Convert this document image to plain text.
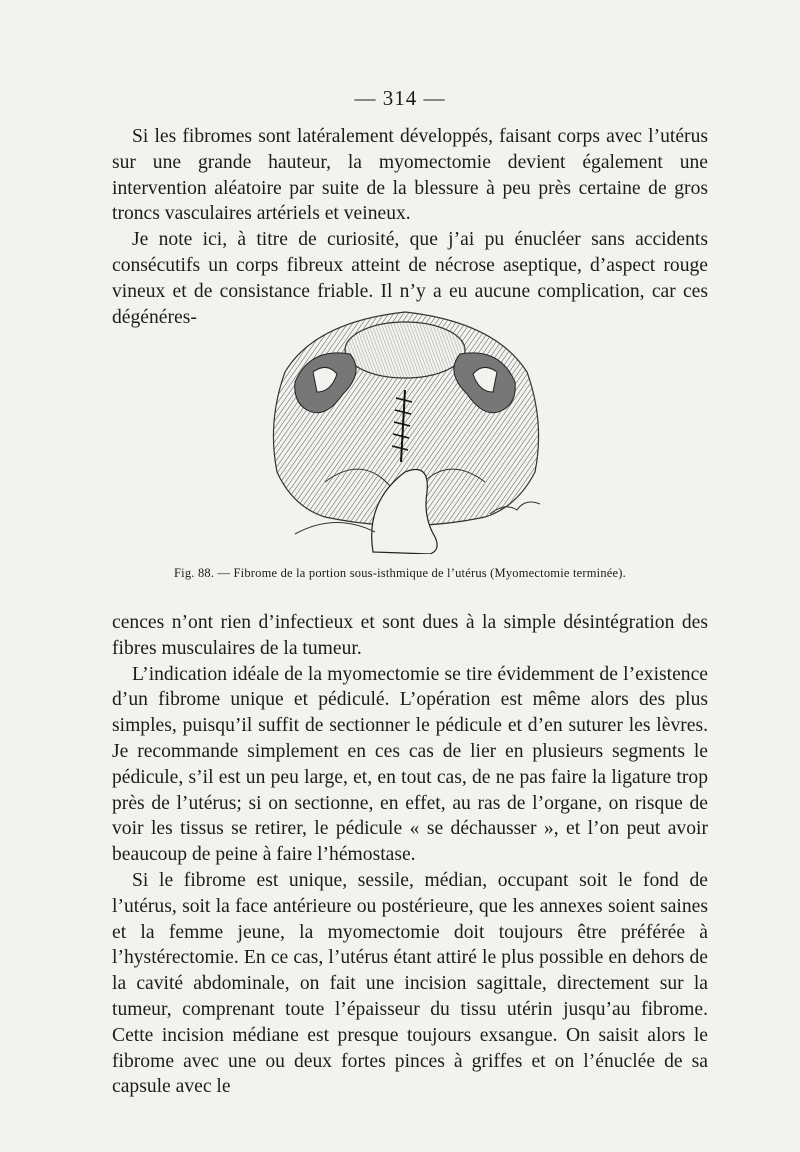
— 314 —

Si les fibromes sont latéralement développés, faisant corps avec l’utérus sur une grande hauteur, la myomectomie devient également une intervention aléatoire par suite de la blessure à peu près certaine de gros troncs vasculaires artériels et veineux.

Je note ici, à titre de curiosité, que j’ai pu énucléer sans accidents consécutifs un corps fibreux atteint de nécrose aseptique, d’aspect rouge vineux et de consistance friable. Il n’y a eu aucune complication, car ces dégénéres-

Fig. 88. — Fibrome de la portion sous-isthmique de l’utérus (Myomectomie terminée).

cences n’ont rien d’infectieux et sont dues à la simple désintégration des fibres musculaires de la tumeur.

L’indication idéale de la myomectomie se tire évidemment de l’existence d’un fibrome unique et pédiculé. L’opération est même alors des plus simples, puisqu’il suffit de sectionner le pédicule et d’en suturer les lèvres. Je recommande simplement en ces cas de lier en plusieurs segments le pédicule, s’il est un peu large, et, en tout cas, de ne pas faire la ligature trop près de l’utérus; si on sectionne, en effet, au ras de l’organe, on risque de voir les tissus se retirer, le pédicule « se déchausser », et l’on peut avoir beaucoup de peine à faire l’hémostase.

Si le fibrome est unique, sessile, médian, occupant soit le fond de l’utérus, soit la face antérieure ou postérieure, que les annexes soient saines et la femme jeune, la myomectomie doit toujours être préférée à l’hystérectomie. En ce cas, l’utérus étant attiré le plus possible en dehors de la cavité abdominale, on fait une incision sagittale, directement sur la tumeur, comprenant toute l’épaisseur du tissu utérin jusqu’au fibrome. Cette incision médiane est presque toujours exsangue. On saisit alors le fibrome avec une ou deux fortes pinces à griffes et on l’énuclée de sa capsule avec le
